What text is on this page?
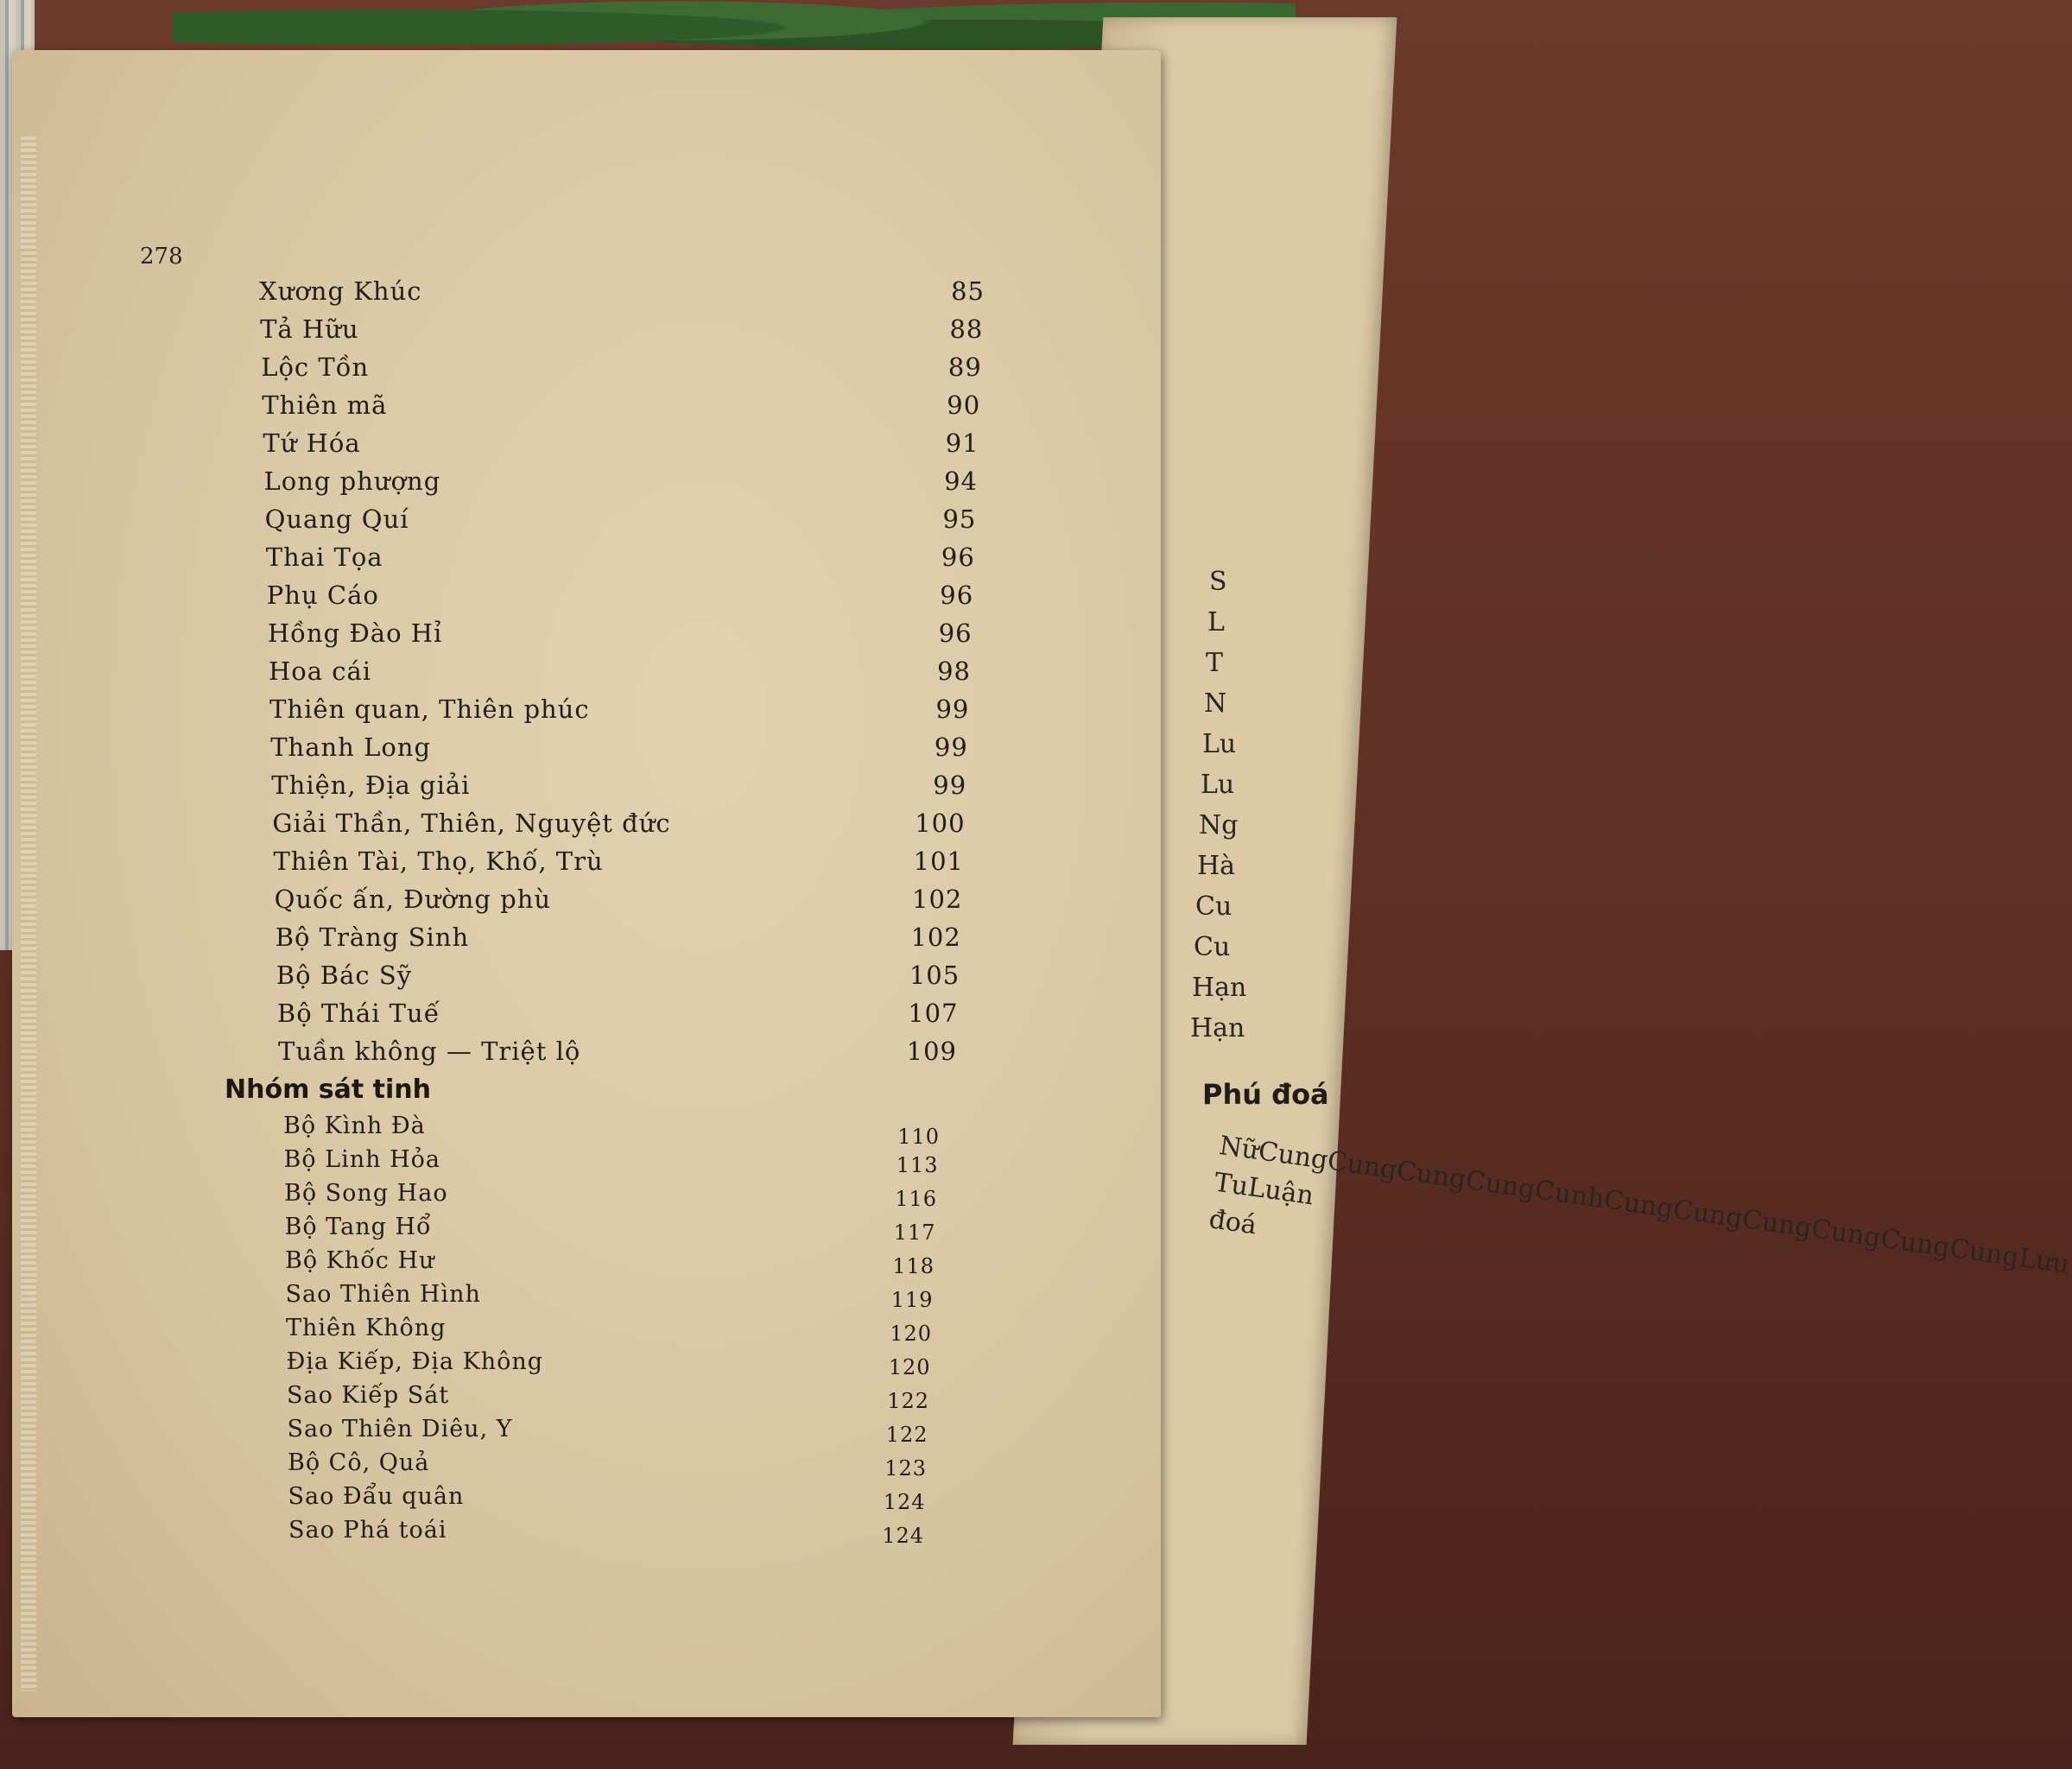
S
L
T
N
Lu
Lu
Ng
Hà
Cu
Cu
Hạn
Hạn
Phú đoá
NữCungCungCungCungCunhCungCungCungCungCungCungLưu TuLuận đoá
278
Xương Khúc	85
Tả Hữu	88
Lộc Tồn	89
Thiên mã	90
Tứ Hóa	91
Long phượng	94
Quang Quí	95
Thai Tọa	96
Phụ Cáo	96
Hồng Đào Hỉ	96
Hoa cái	98
Thiên quan, Thiên phúc	99
Thanh Long	99
Thiện, Địa giải	99
Giải Thần, Thiên, Nguyệt đức	100
Thiên Tài, Thọ, Khố, Trù	101
Quốc ấn, Đường phù	102
Bộ Tràng Sinh	102
Bộ Bác Sỹ	105
Bộ Thái Tuế	107
Tuần không — Triệt lộ	109
Nhóm sát tinh
Bộ Kình Đà	110
Bộ Linh Hỏa	113
Bộ Song Hao	116
Bộ Tang Hổ	117
Bộ Khốc Hư	118
Sao Thiên Hình	119
Thiên Không	120
Địa Kiếp, Địa Không	120
Sao Kiếp Sát	122
Sao Thiên Diêu, Y	122
Bộ Cô, Quả	123
Sao Đẩu quân	124
Sao Phá toái	124
